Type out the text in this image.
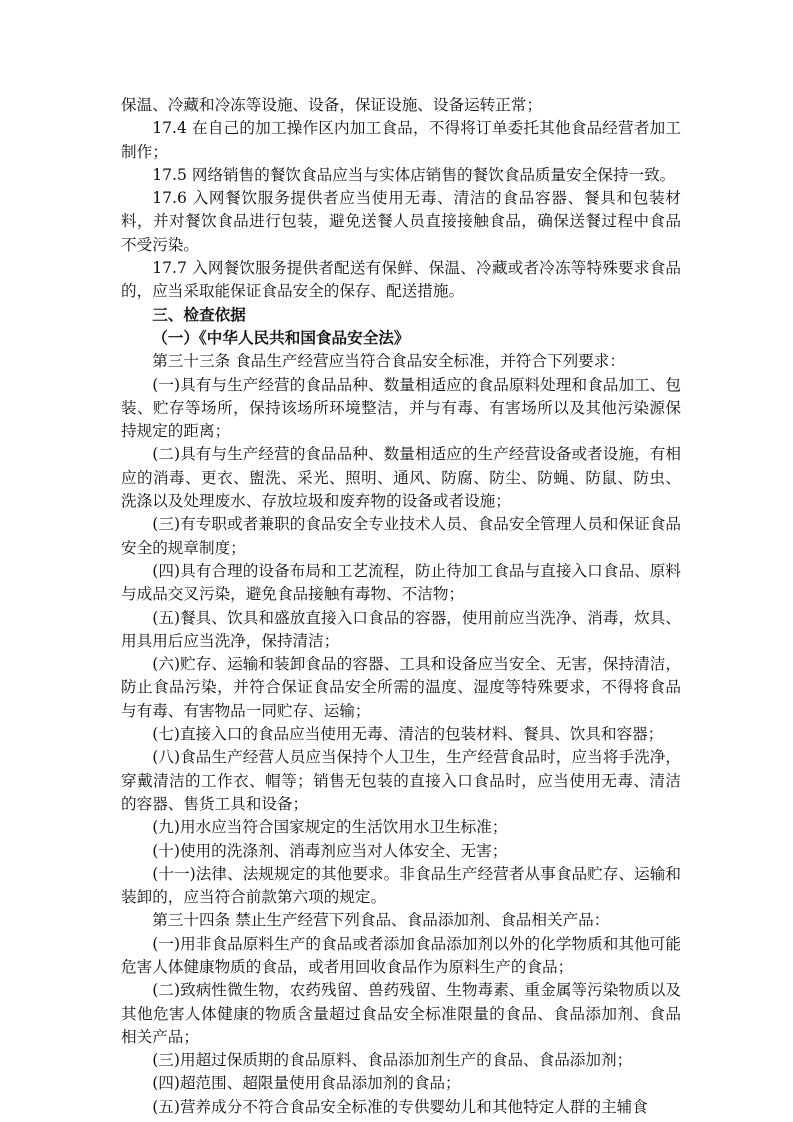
保温、冷藏和冷冻等设施、设备，保证设施、设备运转正常；

17.4 在自己的加工操作区内加工食品，不得将订单委托其他食品经营者加工制作；

17.5 网络销售的餐饮食品应当与实体店销售的餐饮食品质量安全保持一致。

17.6 入网餐饮服务提供者应当使用无毒、清洁的食品容器、餐具和包装材料，并对餐饮食品进行包装，避免送餐人员直接接触食品，确保送餐过程中食品不受污染。

17.7 入网餐饮服务提供者配送有保鲜、保温、冷藏或者冷冻等特殊要求食品的，应当采取能保证食品安全的保存、配送措施。

三、检查依据

（一）《中华人民共和国食品安全法》

第三十三条 食品生产经营应当符合食品安全标准，并符合下列要求：

(一)具有与生产经营的食品品种、数量相适应的食品原料处理和食品加工、包装、贮存等场所，保持该场所环境整洁，并与有毒、有害场所以及其他污染源保持规定的距离；

(二)具有与生产经营的食品品种、数量相适应的生产经营设备或者设施，有相应的消毒、更衣、盥洗、采光、照明、通风、防腐、防尘、防蝇、防鼠、防虫、洗涤以及处理废水、存放垃圾和废弃物的设备或者设施；

(三)有专职或者兼职的食品安全专业技术人员、食品安全管理人员和保证食品安全的规章制度；

(四)具有合理的设备布局和工艺流程，防止待加工食品与直接入口食品、原料与成品交叉污染，避免食品接触有毒物、不洁物；

(五)餐具、饮具和盛放直接入口食品的容器，使用前应当洗净、消毒，炊具、用具用后应当洗净，保持清洁；

(六)贮存、运输和装卸食品的容器、工具和设备应当安全、无害，保持清洁，防止食品污染，并符合保证食品安全所需的温度、湿度等特殊要求，不得将食品与有毒、有害物品一同贮存、运输；

(七)直接入口的食品应当使用无毒、清洁的包装材料、餐具、饮具和容器；

(八)食品生产经营人员应当保持个人卫生，生产经营食品时，应当将手洗净，穿戴清洁的工作衣、帽等；销售无包装的直接入口食品时，应当使用无毒、清洁的容器、售货工具和设备；

(九)用水应当符合国家规定的生活饮用水卫生标准；

(十)使用的洗涤剂、消毒剂应当对人体安全、无害；

(十一)法律、法规规定的其他要求。非食品生产经营者从事食品贮存、运输和装卸的，应当符合前款第六项的规定。

第三十四条 禁止生产经营下列食品、食品添加剂、食品相关产品：

(一)用非食品原料生产的食品或者添加食品添加剂以外的化学物质和其他可能危害人体健康物质的食品，或者用回收食品作为原料生产的食品；

(二)致病性微生物，农药残留、兽药残留、生物毒素、重金属等污染物质以及其他危害人体健康的物质含量超过食品安全标准限量的食品、食品添加剂、食品相关产品；

(三)用超过保质期的食品原料、食品添加剂生产的食品、食品添加剂；

(四)超范围、超限量使用食品添加剂的食品；

(五)营养成分不符合食品安全标准的专供婴幼儿和其他特定人群的主辅食
